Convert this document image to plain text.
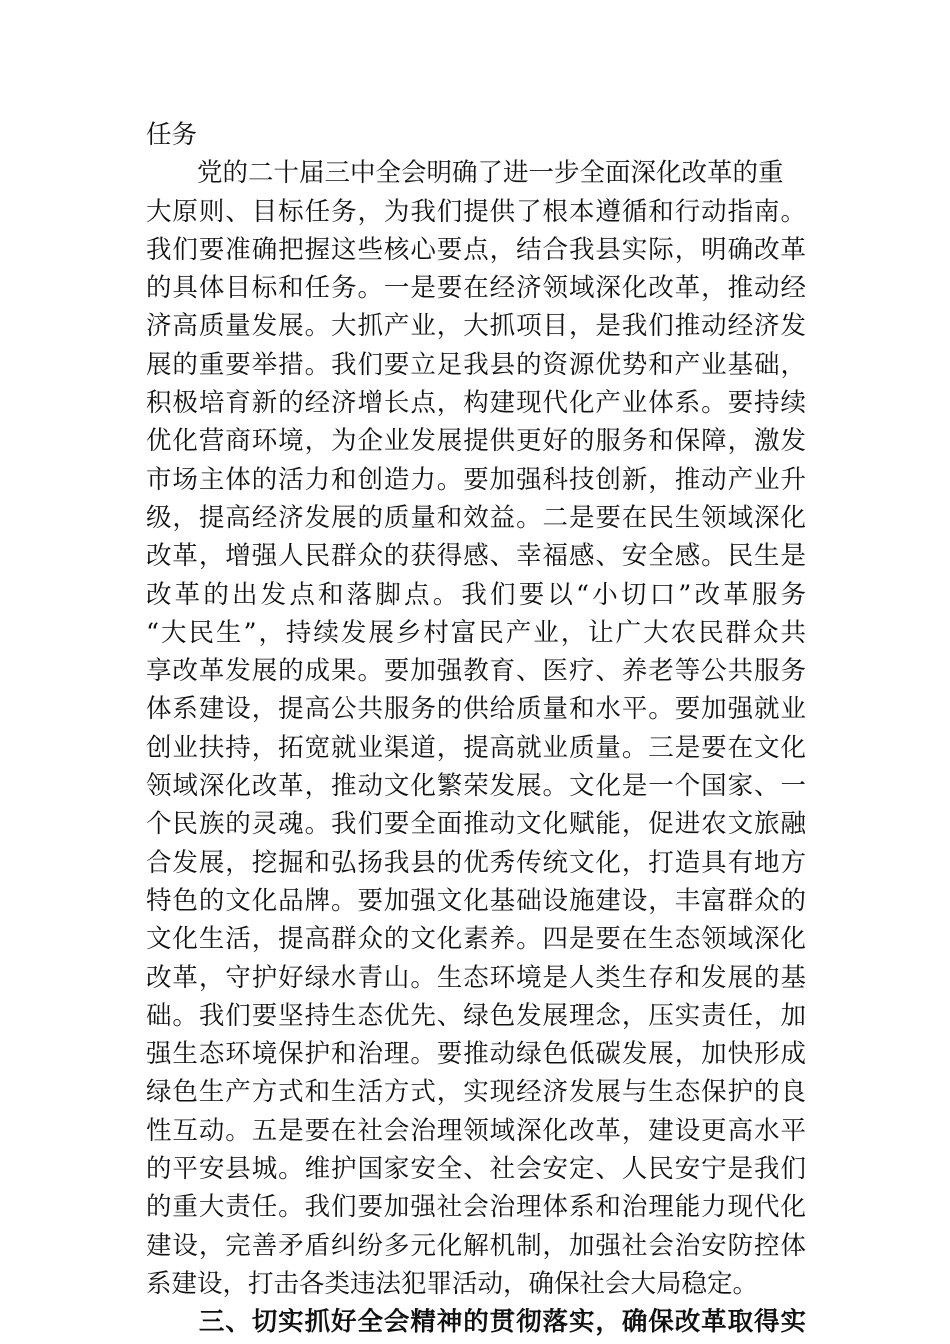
任务
　　党的二十届三中全会明确了进一步全面深化改革的重
大原则、目标任务，为我们提供了根本遵循和行动指南。
我们要准确把握这些核心要点，结合我县实际，明确改革
的具体目标和任务。一是要在经济领域深化改革，推动经
济高质量发展。大抓产业，大抓项目，是我们推动经济发
展的重要举措。我们要立足我县的资源优势和产业基础，
积极培育新的经济增长点，构建现代化产业体系。要持续
优化营商环境，为企业发展提供更好的服务和保障，激发
市场主体的活力和创造力。要加强科技创新，推动产业升
级，提高经济发展的质量和效益。二是要在民生领域深化
改革，增强人民群众的获得感、幸福感、安全感。民生是
改革的出发点和落脚点。我们要以“小切口”改革服务
“大民生”，持续发展乡村富民产业，让广大农民群众共
享改革发展的成果。要加强教育、医疗、养老等公共服务
体系建设，提高公共服务的供给质量和水平。要加强就业
创业扶持，拓宽就业渠道，提高就业质量。三是要在文化
领域深化改革，推动文化繁荣发展。文化是一个国家、一
个民族的灵魂。我们要全面推动文化赋能，促进农文旅融
合发展，挖掘和弘扬我县的优秀传统文化，打造具有地方
特色的文化品牌。要加强文化基础设施建设，丰富群众的
文化生活，提高群众的文化素养。四是要在生态领域深化
改革，守护好绿水青山。生态环境是人类生存和发展的基
础。我们要坚持生态优先、绿色发展理念，压实责任，加
强生态环境保护和治理。要推动绿色低碳发展，加快形成
绿色生产方式和生活方式，实现经济发展与生态保护的良
性互动。五是要在社会治理领域深化改革，建设更高水平
的平安县城。维护国家安全、社会安定、人民安宁是我们
的重大责任。我们要加强社会治理体系和治理能力现代化
建设，完善矛盾纠纷多元化解机制，加强社会治安防控体
系建设，打击各类违法犯罪活动，确保社会大局稳定。
　　三、切实抓好全会精神的贯彻落实，确保改革取得实
